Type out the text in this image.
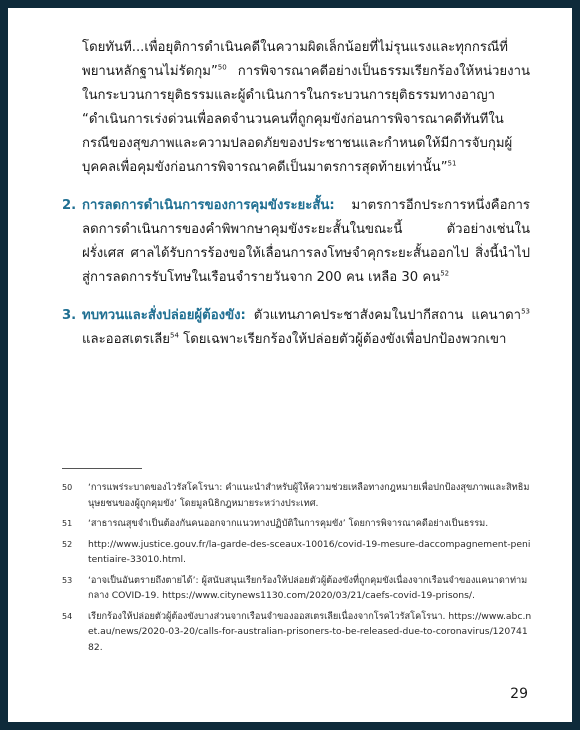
โดยทันที...เพื่อยุติการดำเนินคดีในความผิดเล็กน้อยที่ไม่รุนแรงและทุกกรณีที่พยานหลักฐานไม่รัดกุม”$^{50}$ การพิจารณาคดีอย่างเป็นธรรมเรียกร้องให้หน่วยงานในกระบวนการยุติธรรมและผู้ดำเนินการในกระบวนการยุติธรรมทางอาญา “ดำเนินการเร่งด่วนเพื่อลดจำนวนคนที่ถูกคุมขังก่อนการพิจารณาคดีทันทีในกรณีของสุขภาพและความปลอดภัยของประชาชนและกำหนดให้มีการจับกุมผู้บุคคลเพื่อคุมขังก่อนการพิจารณาคดีเป็นมาตรการสุดท้ายเท่านั้น”$^{51}$

2. การลดการดำเนินการของการคุมขังระยะสั้น: มาตรการอีกประการหนึ่งคือการลดการดำเนินการของคำพิพากษาคุมขังระยะสั้นในขณะนี้ ตัวอย่างเช่นในฝรั่งเศส ศาลได้รับการร้องขอให้เลื่อนการลงโทษจำคุกระยะสั้นออกไป สิ่งนี้นำไปสู่การลดการรับโทษในเรือนจำรายวันจาก 200 คน เหลือ 30 คน$^{52}$

3. ทบทวนและสั่งปล่อยผู้ต้องขัง: ตัวแทนภาคประชาสังคมในปากีสถาน แคนาดา$^{53}$ และออสเตรเลีย$^{54}$ โดยเฉพาะเรียกร้องให้ปล่อยตัวผู้ต้องขังเพื่อปกป้องพวกเขา

50 ‘การแพร่ระบาดของไวรัสโคโรนา: คำแนะนำสำหรับผู้ให้ความช่วยเหลือทางกฎหมายเพื่อปกป้องสุขภาพและสิทธิมนุษยชนของผู้ถูกคุมขัง’ โดยมูลนิธิกฎหมายระหว่างประเทศ.
51 ‘สาธารณสุขจำเป็นต้องกันคนออกจากแนวทางปฏิบัติในการคุมขัง’ โดยการพิจารณาคดีอย่างเป็นธรรม.
52 http://www.justice.gouv.fr/la-garde-des-sceaux-10016/covid-19-mesure-daccompagnement-penitentiaire-33010.html.
53 ‘อาจเป็นอันตรายถึงตายได้’: ผู้สนับสนุนเรียกร้องให้ปล่อยตัวผู้ต้องขังที่ถูกคุมขังเนื่องจากเรือนจำของแคนาดาท่ามกลาง COVID-19. https://www.citynews1130.com/2020/03/21/caefs-covid-19-prisons/.
54 เรียกร้องให้ปล่อยตัวผู้ต้องขังบางส่วนจากเรือนจำของออสเตรเลียเนื่องจากโรคไวรัสโคโรนา. https://www.abc.net.au/news/2020-03-20/calls-for-australian-prisoners-to-be-released-due-to-coronavirus/12074182.
29
